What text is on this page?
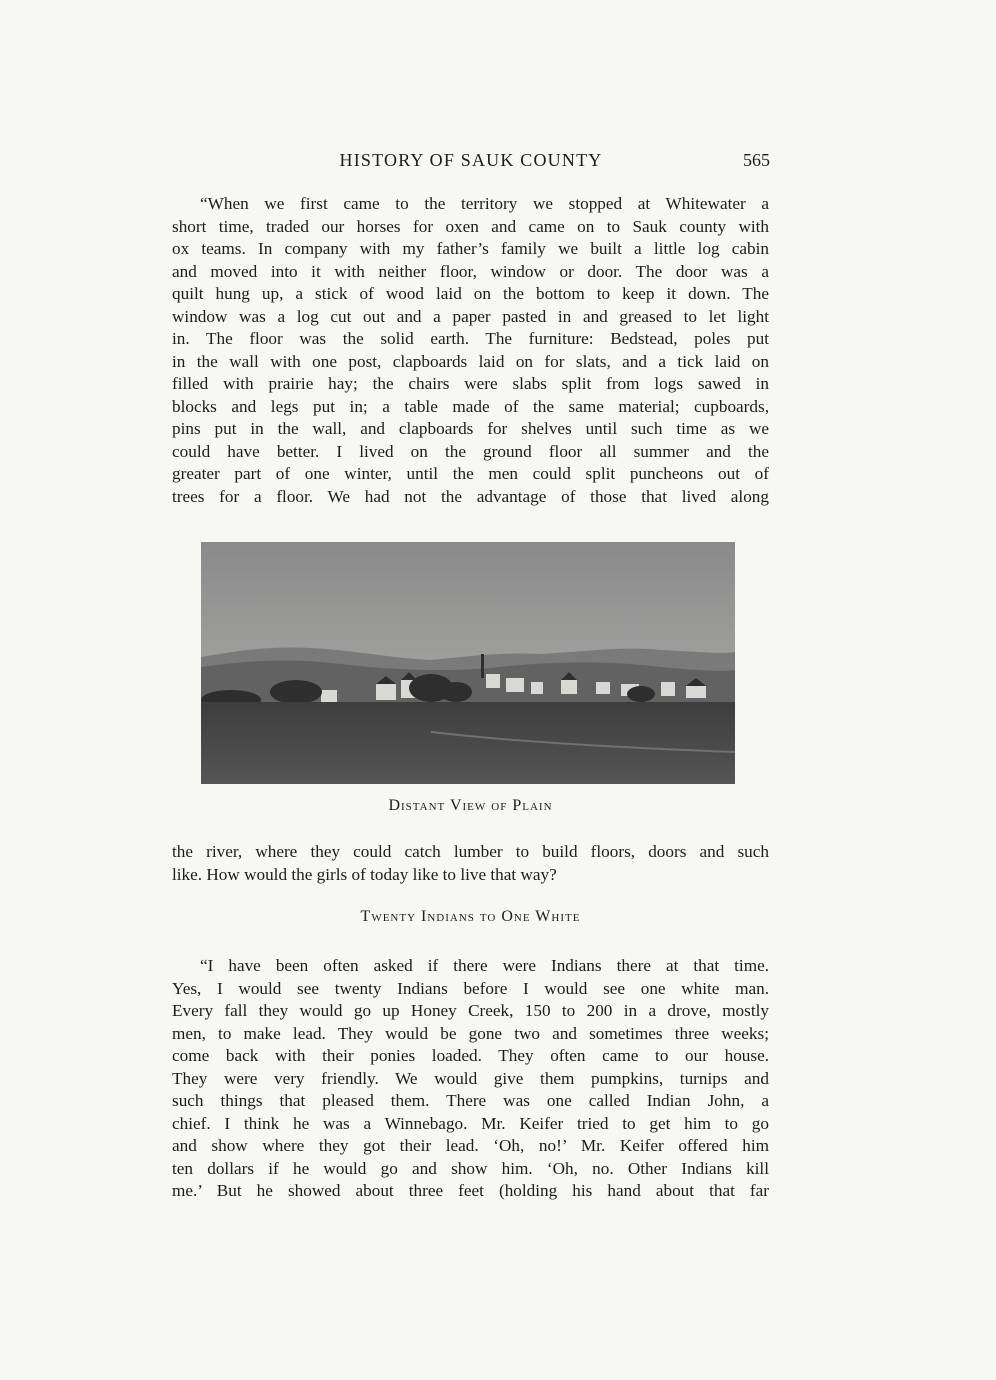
HISTORY OF SAUK COUNTY	565
“When we first came to the territory we stopped at Whitewater a
short time, traded our horses for oxen and came on to Sauk county with
ox teams. In company with my father’s family we built a little log cabin
and moved into it with neither floor, window or door. The door was a
quilt hung up, a stick of wood laid on the bottom to keep it down. The
window was a log cut out and a paper pasted in and greased to let light
in. The floor was the solid earth. The furniture: Bedstead, poles put
in the wall with one post, clapboards laid on for slats, and a tick laid on
filled with prairie hay; the chairs were slabs split from logs sawed in
blocks and legs put in; a table made of the same material; cupboards,
pins put in the wall, and clapboards for shelves until such time as we
could have better. I lived on the ground floor all summer and the
greater part of one winter, until the men could split puncheons out of
trees for a floor. We had not the advantage of those that lived along
Distant View of Plain
the river, where they could catch lumber to build floors, doors and such
like. How would the girls of today like to live that way?
Twenty Indians to One White
“I have been often asked if there were Indians there at that time.
Yes, I would see twenty Indians before I would see one white man.
Every fall they would go up Honey Creek, 150 to 200 in a drove, mostly
men, to make lead. They would be gone two and sometimes three weeks;
come back with their ponies loaded. They often came to our house.
They were very friendly. We would give them pumpkins, turnips and
such things that pleased them. There was one called Indian John, a
chief. I think he was a Winnebago. Mr. Keifer tried to get him to go
and show where they got their lead. ‘Oh, no!’ Mr. Keifer offered him
ten dollars if he would go and show him. ‘Oh, no. Other Indians kill
me.’ But he showed about three feet (holding his hand about that far
